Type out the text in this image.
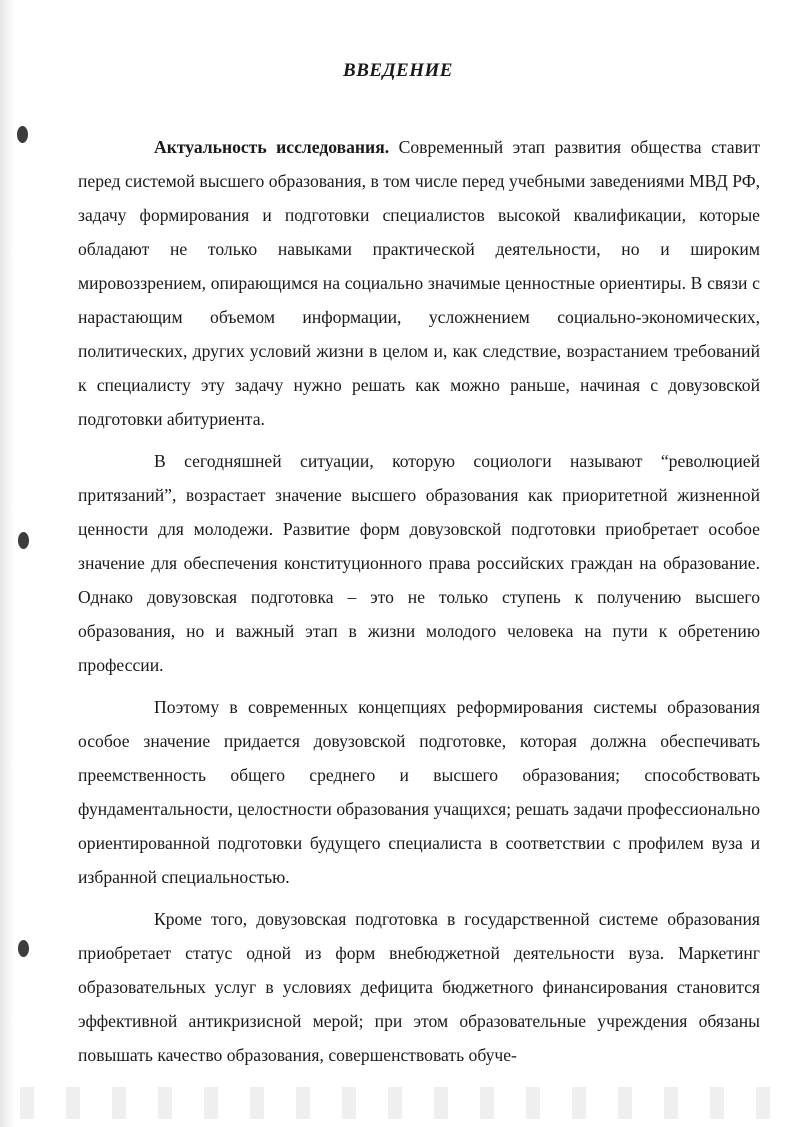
ВВЕДЕНИЕ

Актуальность исследования. Современный этап развития общества ставит перед системой высшего образования, в том числе перед учебными заведениями МВД РФ, задачу формирования и подготовки специалистов высокой квалификации, которые обладают не только навыками практической деятельности, но и широким мировоззрением, опирающимся на социально значимые ценностные ориентиры. В связи с нарастающим объемом информации, усложнением социально-экономических, политических, других условий жизни в целом и, как следствие, возрастанием требований к специалисту эту задачу нужно решать как можно раньше, начиная с довузовской подготовки абитуриента.

В сегодняшней ситуации, которую социологи называют “революцией притязаний”, возрастает значение высшего образования как приоритетной жизненной ценности для молодежи. Развитие форм довузовской подготовки приобретает особое значение для обеспечения конституционного права российских граждан на образование. Однако довузовская подготовка – это не только ступень к получению высшего образования, но и важный этап в жизни молодого человека на пути к обретению профессии.

Поэтому в современных концепциях реформирования системы образования особое значение придается довузовской подготовке, которая должна обеспечивать преемственность общего среднего и высшего образования; способствовать фундаментальности, целостности образования учащихся; решать задачи профессионально ориентированной подготовки будущего специалиста в соответствии с профилем вуза и избранной специальностью.

Кроме того, довузовская подготовка в государственной системе образования приобретает статус одной из форм внебюджетной деятельности вуза. Маркетинг образовательных услуг в условиях дефицита бюджетного финансирования становится эффективной антикризисной мерой; при этом образовательные учреждения обязаны повышать качество образования, совершенствовать обуче-
